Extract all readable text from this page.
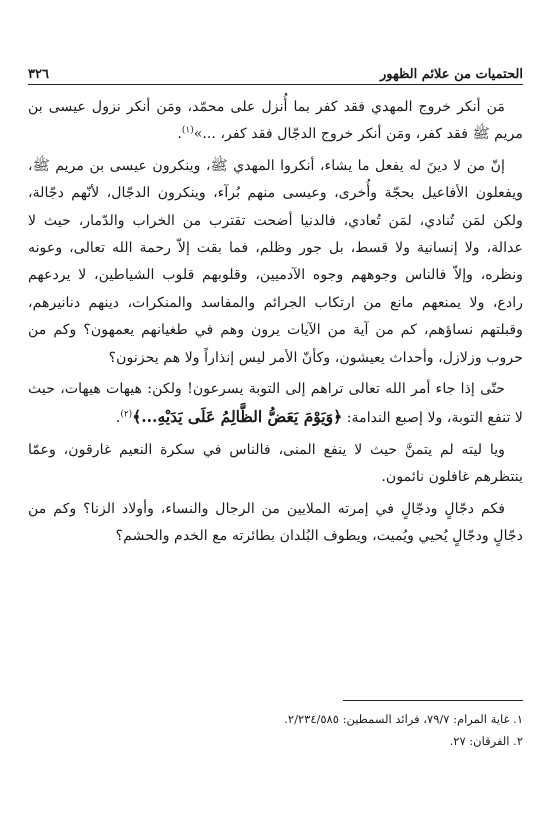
الحتميات من علائم الظهور
٣٢٦

مَن أنكر خروج المهدي فقد كفر بما أُنزل على محمّد، ومَن أنكر نزول عيسى بن مريم ﷺ فقد كفر، ومَن أنكر خروج الدجّال فقد كفر، ...»$^{(١)}$.

إنّ من لا دينَ له يفعل ما يشاء، أنكروا المهدي ﷺ، وينكرون عيسى بن مريم ﷺ، ويفعلون الأفاعيل بحجّة وأُخرى، وعيسى منهم بُرآء، وينكرون الدجّال، لأنّهم دجّالة، ولكن لمَن تُنادي، لمَن تُعادي، فالدنيا أضحت تقترب من الخراب والدّمار، حيث لا عدالة، ولا إنسانية ولا قسط، بل جور وظلم، فما بقت إلاّ رحمة الله تعالى، وعونه ونظره، وإلاّ فالناس وجوههم وجوه الآدميين، وقلوبهم قلوب الشياطين، لا يردعهم رادع، ولا يمنعهم مانع من ارتكاب الجرائم والمفاسد والمنكرات، دينهم دنانيرهم، وقبلتهم نساؤهم، كم من آية من الآيات يرون وهم في طغيانهم يعمهون؟ وكم من حروب وزلازل، وأحداث يعيشون، وكأنّ الأمر ليس إنذاراً ولا هم يحزنون؟

حتّى إذا جاء أمر الله تعالى تراهم إلى التوبة يسرعون! ولكن: هيهات هيهات، حيث لا تنفع التوبة، ولا إصبع الندامة: ﴿وَيَوْمَ يَعَضُّ الظَّالِمُ عَلَى يَدَيْهِ...﴾$^{(٢)}$.

ويا ليته لم يتمنَّ حيث لا ينفع المنى، فالناس في سكرة النعيم غارقون، وعمّا ينتظرهم غافلون نائمون.

فكم دجّالٍ ودجّالٍ في إمرته الملايين من الرجال والنساء، وأولاد الزنا؟ وكم من دجّالٍ ودجّالٍ يُحيي ويُميت، ويطوف البُلدان بطائرته مع الخدم والحشم؟

١. غاية المرام: ٧٩/٧، فرائد السمطين: ٢/٢٣٤/٥٨٥.
٢. الفرقان: ٢٧.
